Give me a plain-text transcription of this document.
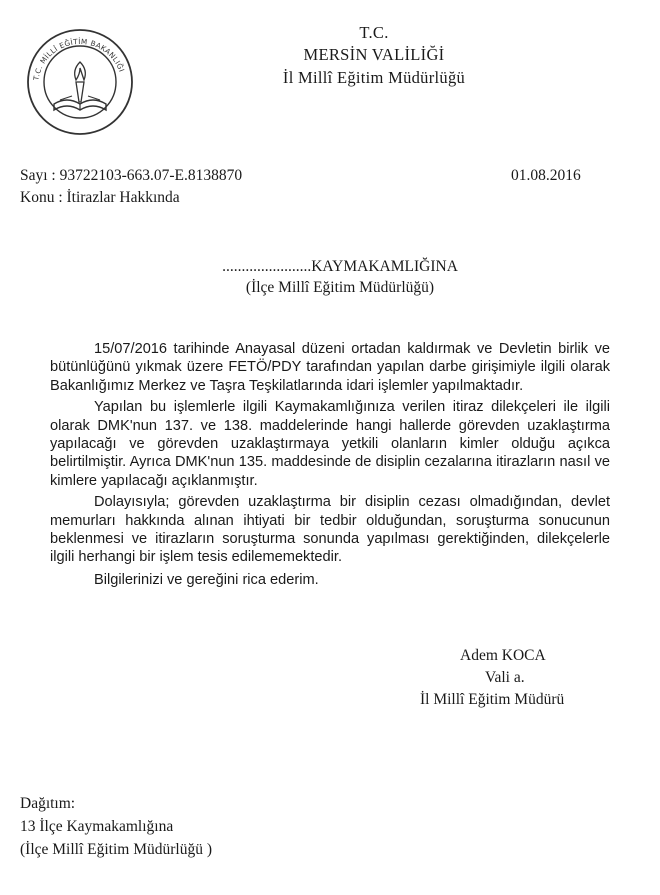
T.C. MİLLÎ EĞİTİM BAKANLIĞI
T.C.
MERSİN VALİLİĞİ
İl Millî Eğitim Müdürlüğü
Sayı : 93722103-663.07-E.8138870
Konu : İtirazlar Hakkında
01.08.2016
.......................KAYMAKAMLIĞINA
(İlçe Millî Eğitim Müdürlüğü)

15/07/2016 tarihinde Anayasal düzeni ortadan kaldırmak ve Devletin birlik ve bütünlüğünü yıkmak üzere FETÖ/PDY tarafından yapılan darbe girişimiyle ilgili olarak Bakanlığımız Merkez ve Taşra Teşkilatlarında idari işlemler yapılmaktadır.

Yapılan bu işlemlerle ilgili Kaymakamlığınıza verilen itiraz dilekçeleri ile ilgili olarak DMK'nun 137. ve 138. maddelerinde hangi hallerde görevden uzaklaştırma yapılacağı ve görevden uzaklaştırmaya yetkili olanların kimler olduğu açıkca belirtilmiştir. Ayrıca DMK'nun 135. maddesinde de disiplin cezalarına itirazların nasıl ve kimlere yapılacağı açıklanmıştır.

Dolayısıyla; görevden uzaklaştırma bir disiplin cezası olmadığından, devlet memurları hakkında alınan ihtiyati bir tedbir olduğundan, soruşturma sonucunun beklenmesi ve itirazların soruşturma sonunda yapılması gerektiğinden, dilekçelerle ilgili herhangi bir işlem tesis edilememektedir.

Bilgilerinizi ve gereğini rica ederim.

Adem KOCA
Vali a.
İl Millî Eğitim Müdürü
Dağıtım:
13 İlçe Kaymakamlığına
(İlçe Millî Eğitim Müdürlüğü )
